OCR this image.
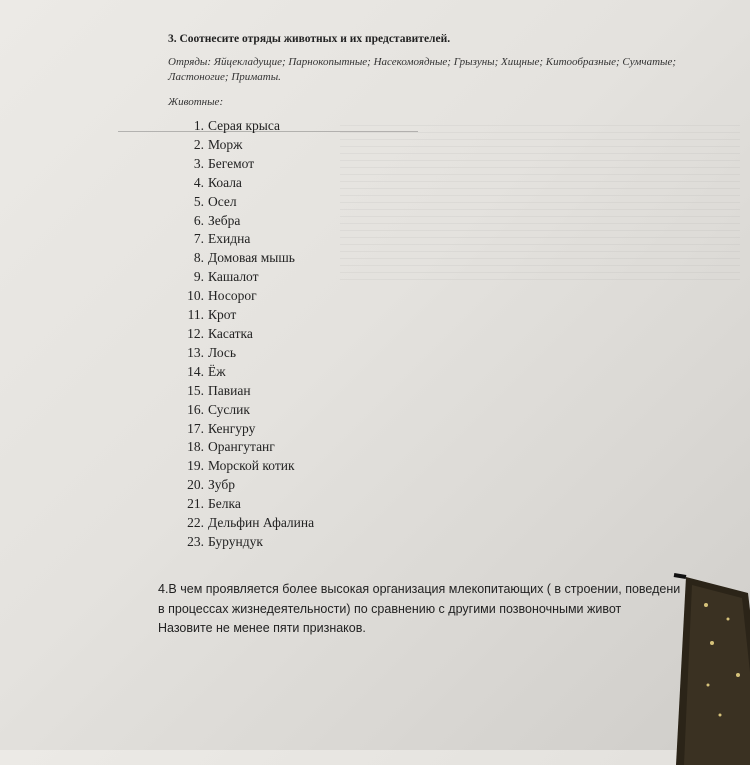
3. Соотнесите отряды животных и их представителей.
Отряды: Яйцекладущие; Парнокопытные; Насекомоядные; Грызуны; Хищные; Китообразные; Сумчатые; Ластоногие; Приматы.
Животные:
1. Серая крыса
2. Морж
3. Бегемот
4. Коала
5. Осел
6. Зебра
7. Ехидна
8. Домовая мышь
9. Кашалот
10. Носорог
11. Крот
12. Касатка
13. Лось
14. Ёж
15. Павиан
16. Суслик
17. Кенгуру
18. Орангутанг
19. Морской котик
20. Зубр
21. Белка
22. Дельфин Афалина
23. Бурундук
4.В чем проявляется более высокая организация млекопитающих ( в строении, поведени
в процессах жизнедеятельности) по сравнению с другими позвоночными живот
Назовите не менее пяти признаков.
